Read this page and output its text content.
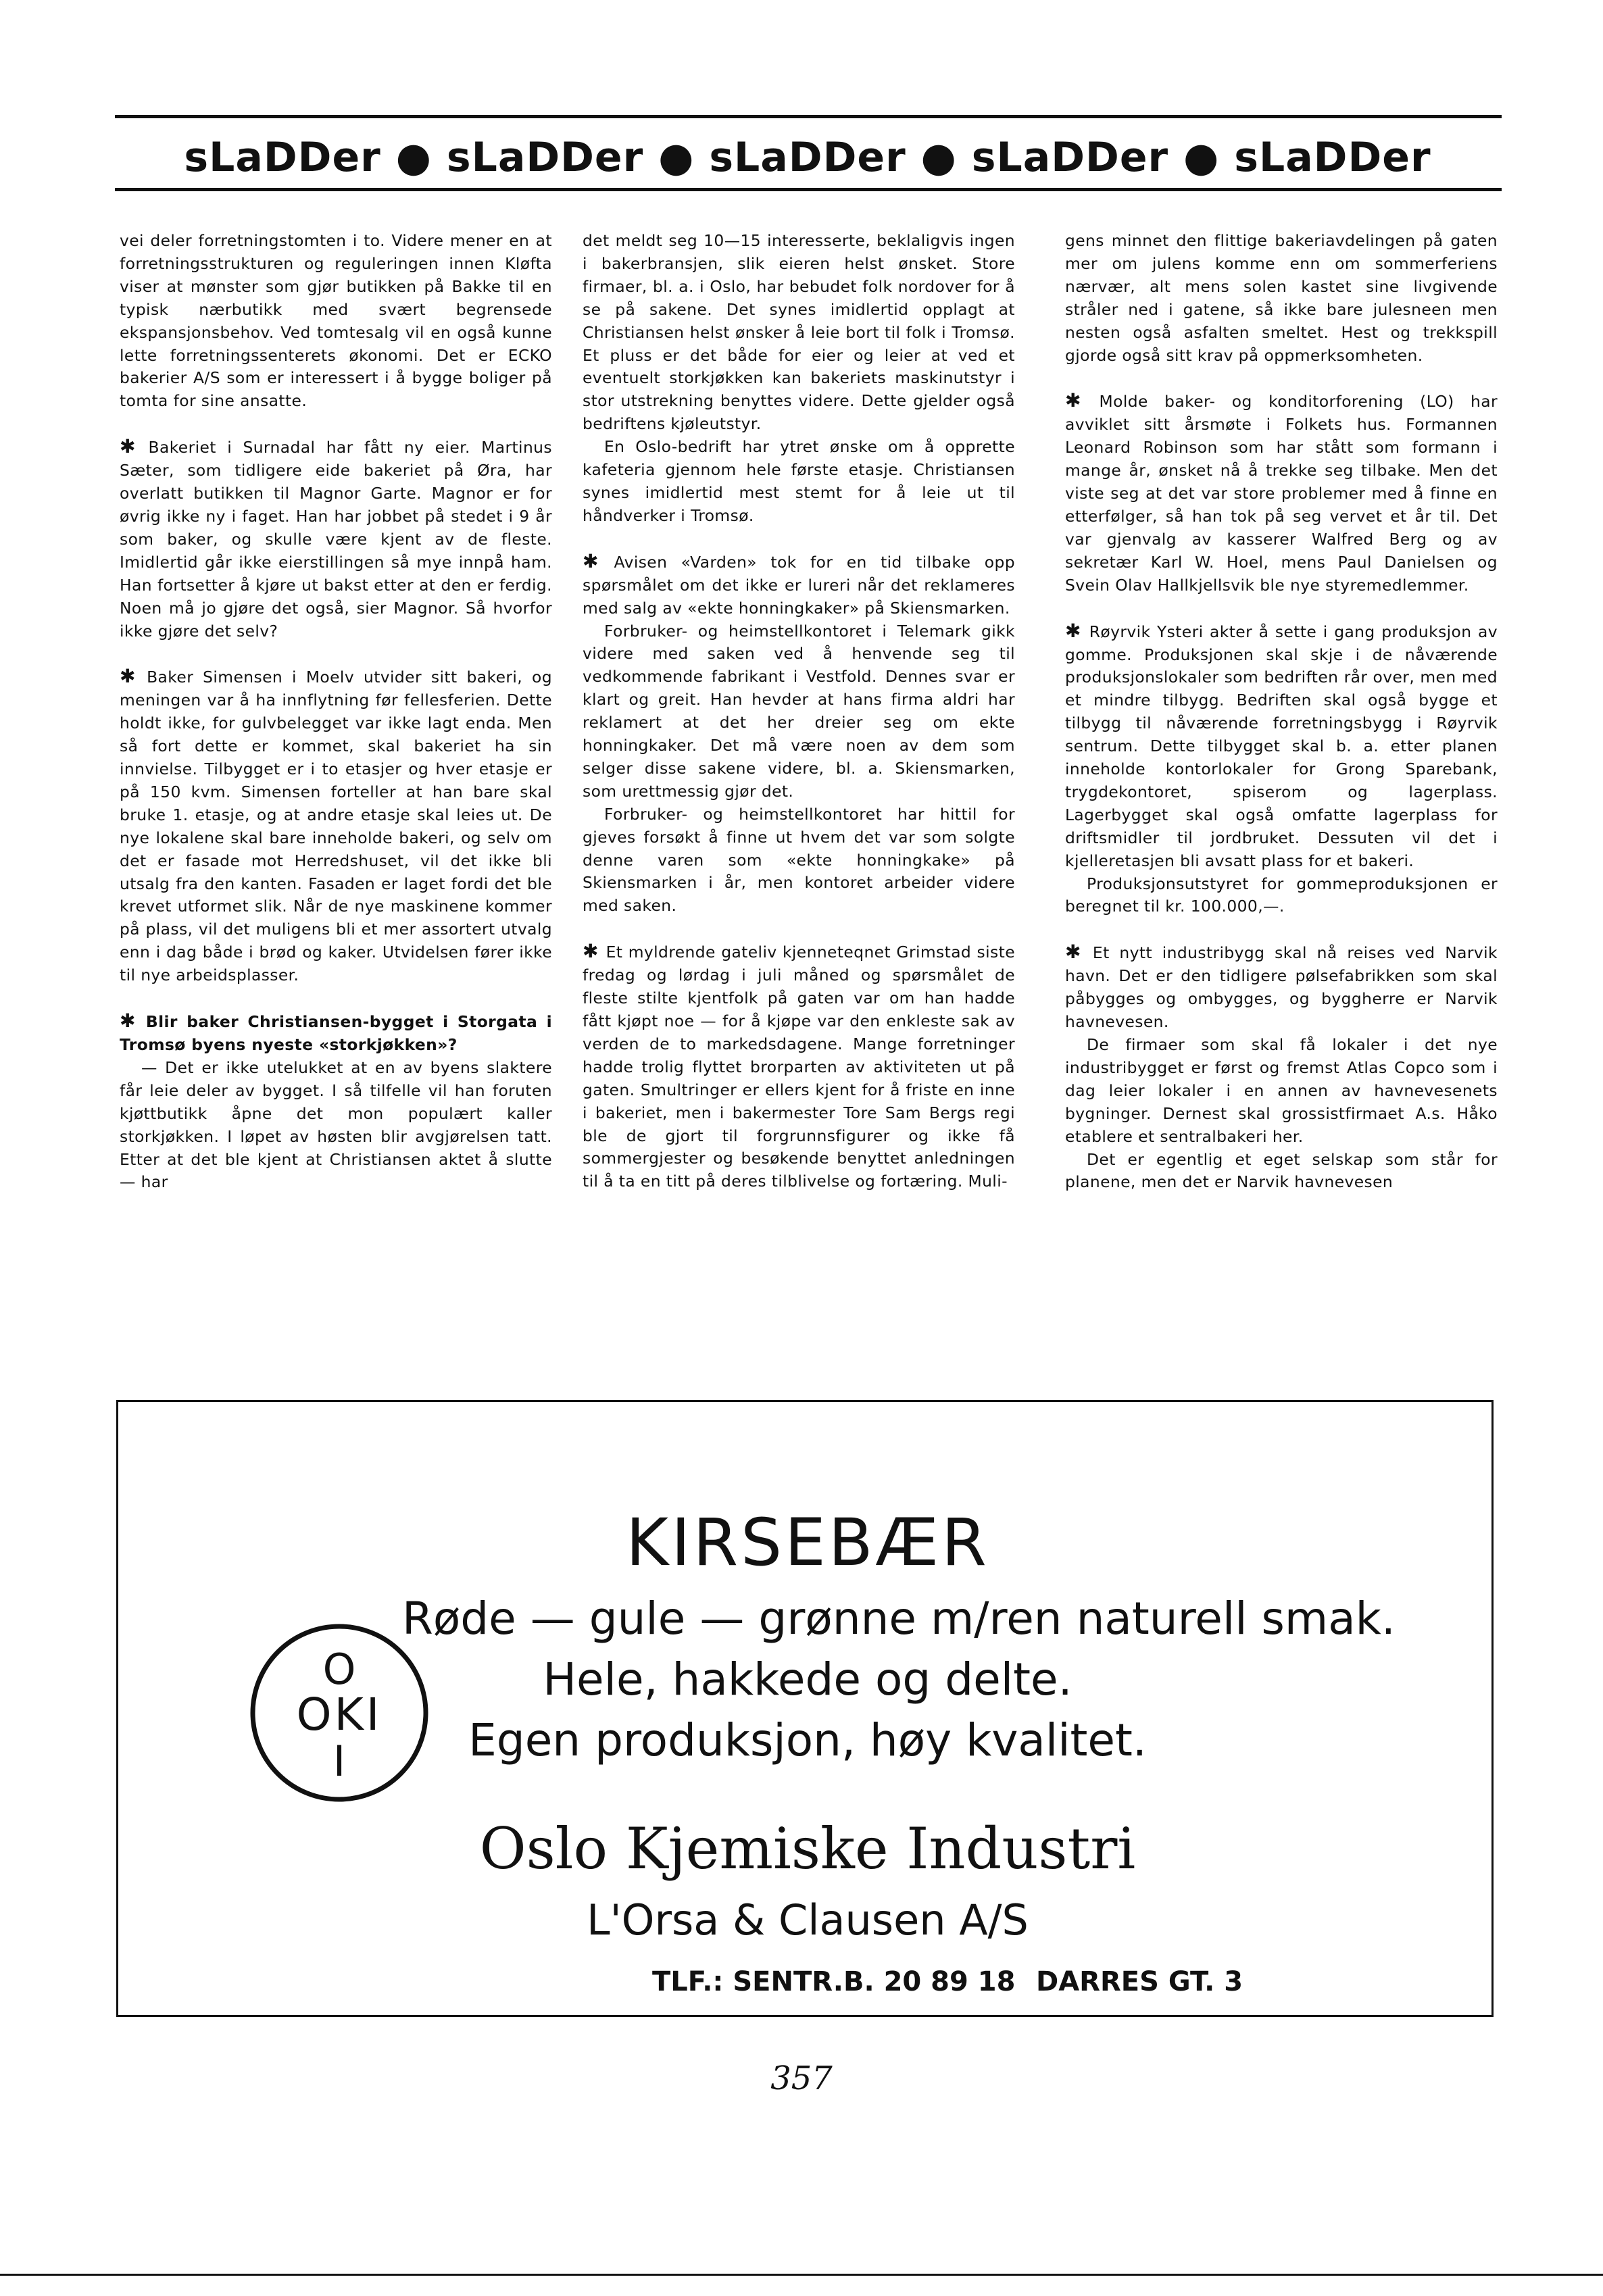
sLaDDer ● sLaDDer ● sLaDDer ● sLaDDer ● sLaDDer

vei deler forretningstomten i to. Videre mener en at forretningsstrukturen og reguleringen innen Kløfta viser at mønster som gjør butikken på Bakke til en typisk nærbutikk med svært begrensede ekspansjonsbehov. Ved tomtesalg vil en også kunne lette forretningssenterets økonomi. Det er ECKO bakerier A/S som er interessert i å bygge boliger på tomta for sine ansatte.

✱ Bakeriet i Surnadal har fått ny eier. Martinus Sæter, som tidligere eide bakeriet på Øra, har overlatt butikken til Magnor Garte. Magnor er for øvrig ikke ny i faget. Han har jobbet på stedet i 9 år som baker, og skulle være kjent av de fleste. Imidlertid går ikke eierstillingen så mye innpå ham. Han fortsetter å kjøre ut bakst etter at den er ferdig. Noen må jo gjøre det også, sier Magnor. Så hvorfor ikke gjøre det selv?

✱ Baker Simensen i Moelv utvider sitt bakeri, og meningen var å ha innflytning før fellesferien. Dette holdt ikke, for gulvbelegget var ikke lagt enda. Men så fort dette er kommet, skal bakeriet ha sin innvielse. Tilbygget er i to etasjer og hver etasje er på 150 kvm. Simensen forteller at han bare skal bruke 1. etasje, og at andre etasje skal leies ut. De nye lokalene skal bare inneholde bakeri, og selv om det er fasade mot Herredshuset, vil det ikke bli utsalg fra den kanten. Fasaden er laget fordi det ble krevet utformet slik. Når de nye maskinene kommer på plass, vil det muligens bli et mer assortert utvalg enn i dag både i brød og kaker. Utvidelsen fører ikke til nye arbeidsplasser.

✱ Blir baker Christiansen-bygget i Storgata i Tromsø byens nyeste «storkjøkken»?

— Det er ikke utelukket at en av byens slaktere får leie deler av bygget. I så tilfelle vil han foruten kjøttbutikk åpne det mon populært kaller storkjøkken. I løpet av høsten blir avgjørelsen tatt. Etter at det ble kjent at Christiansen aktet å slutte — har

det meldt seg 10—15 interesserte, beklaligvis ingen i bakerbransjen, slik eieren helst ønsket. Store firmaer, bl. a. i Oslo, har bebudet folk nordover for å se på sakene. Det synes imidlertid opplagt at Christiansen helst ønsker å leie bort til folk i Tromsø. Et pluss er det både for eier og leier at ved et eventuelt storkjøkken kan bakeriets maskinutstyr i stor utstrekning benyttes videre. Dette gjelder også bedriftens kjøleutstyr.

En Oslo-bedrift har ytret ønske om å opprette kafeteria gjennom hele første etasje. Christiansen synes imidlertid mest stemt for å leie ut til håndverker i Tromsø.

✱ Avisen «Varden» tok for en tid tilbake opp spørsmålet om det ikke er lureri når det reklameres med salg av «ekte honningkaker» på Skiensmarken.

Forbruker- og heimstellkontoret i Telemark gikk videre med saken ved å henvende seg til vedkommende fabrikant i Vestfold. Dennes svar er klart og greit. Han hevder at hans firma aldri har reklamert at det her dreier seg om ekte honningkaker. Det må være noen av dem som selger disse sakene videre, bl. a. Skiensmarken, som urettmessig gjør det.

Forbruker- og heimstellkontoret har hittil for gjeves forsøkt å finne ut hvem det var som solgte denne varen som «ekte honningkake» på Skiensmarken i år, men kontoret arbeider videre med saken.

✱ Et myldrende gateliv kjenneteqnet Grimstad siste fredag og lørdag i juli måned og spørsmålet de fleste stilte kjentfolk på gaten var om han hadde fått kjøpt noe — for å kjøpe var den enkleste sak av verden de to markedsdagene. Mange forretninger hadde trolig flyttet brorparten av aktiviteten ut på gaten. Smultringer er ellers kjent for å friste en inne i bakeriet, men i bakermester Tore Sam Bergs regi ble de gjort til forgrunnsfigurer og ikke få sommergjester og besøkende benyttet anledningen til å ta en titt på deres tilblivelse og fortæring. Muli-

gens minnet den flittige bakeriavdelingen på gaten mer om julens komme enn om sommerferiens nærvær, alt mens solen kastet sine livgivende stråler ned i gatene, så ikke bare julesneen men nesten også asfalten smeltet. Hest og trekkspill gjorde også sitt krav på oppmerksomheten.

✱ Molde baker- og konditorforening (LO) har avviklet sitt årsmøte i Folkets hus. Formannen Leonard Robinson som har stått som formann i mange år, ønsket nå å trekke seg tilbake. Men det viste seg at det var store problemer med å finne en etterfølger, så han tok på seg vervet et år til. Det var gjenvalg av kasserer Walfred Berg og av sekretær Karl W. Hoel, mens Paul Danielsen og Svein Olav Hallkjellsvik ble nye styremedlemmer.

✱ Røyrvik Ysteri akter å sette i gang produksjon av gomme. Produksjonen skal skje i de nåværende produksjonslokaler som bedriften rår over, men med et mindre tilbygg. Bedriften skal også bygge et tilbygg til nåværende forretningsbygg i Røyrvik sentrum. Dette tilbygget skal b. a. etter planen inneholde kontorlokaler for Grong Sparebank, trygdekontoret, spiserom og lagerplass. Lagerbygget skal også omfatte lagerplass for driftsmidler til jordbruket. Dessuten vil det i kjelleretasjen bli avsatt plass for et bakeri.

Produksjonsutstyret for gommeproduksjonen er beregnet til kr. 100.000,—.

✱ Et nytt industribygg skal nå reises ved Narvik havn. Det er den tidligere pølsefabrikken som skal påbygges og ombygges, og byggherre er Narvik havnevesen.

De firmaer som skal få lokaler i det nye industribygget er først og fremst Atlas Copco som i dag leier lokaler i en annen av havnevesenets bygninger. Dernest skal grossistfirmaet A.s. Håko etablere et sentralbakeri her.

Det er egentlig et eget selskap som står for planene, men det er Narvik havnevesen

O
OKI
I
KIRSEBÆR
Røde — gule — grønne m/ren naturell smak.
Hele, hakkede og delte.
Egen produksjon, høy kvalitet.
Oslo Kjemiske Industri
L'Orsa & Clausen A/S
TLF.: SENTR.B. 20 89 18 DARRES GT. 3
357
